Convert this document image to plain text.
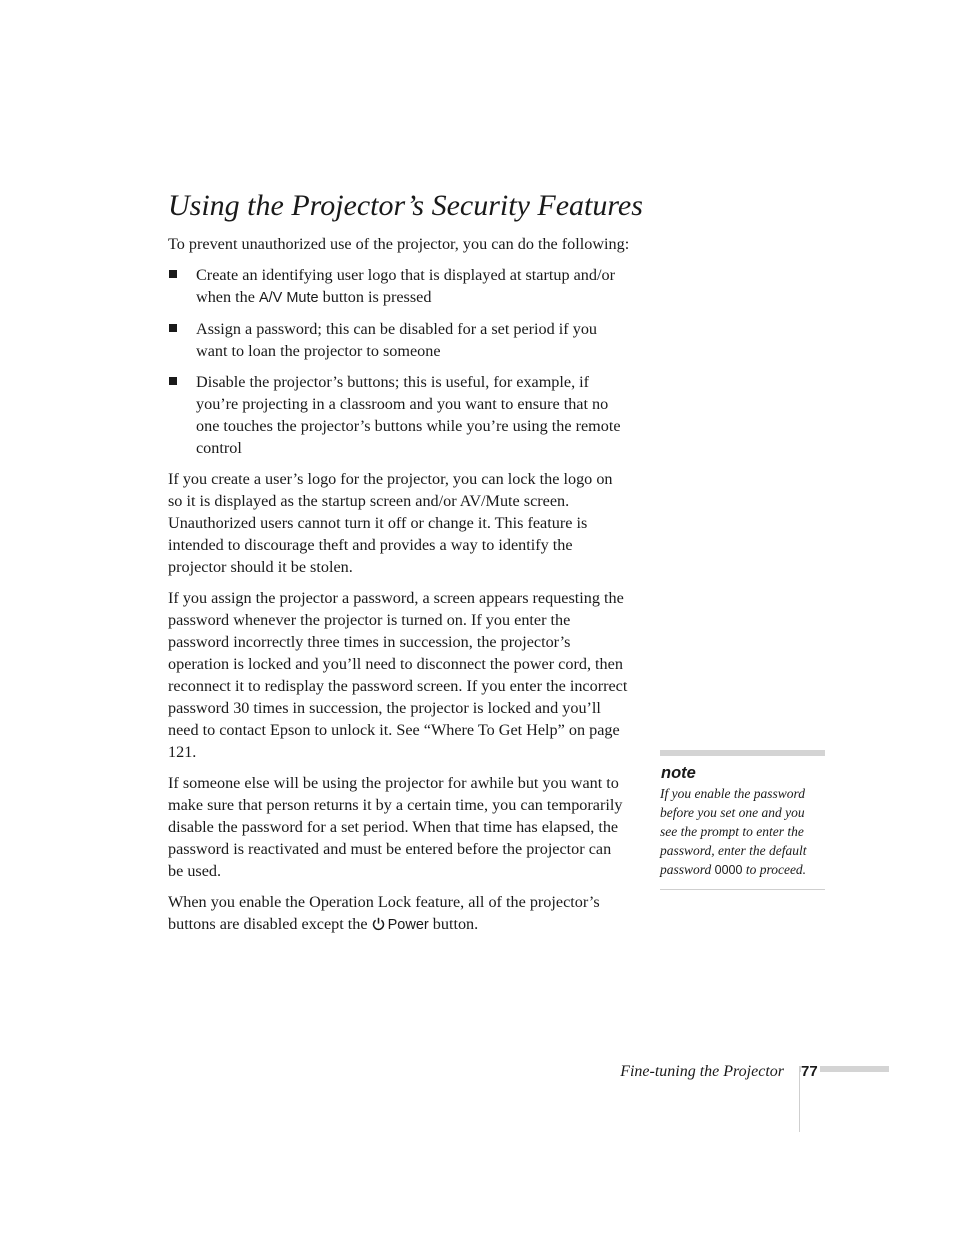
Using the Projector’s Security Features

To prevent unauthorized use of the projector, you can do the following:

Create an identifying user logo that is displayed at startup and/or when the A/V Mute button is pressed
Assign a password; this can be disabled for a set period if you want to loan the projector to someone
Disable the projector’s buttons; this is useful, for example, if you’re projecting in a classroom and you want to ensure that no one touches the projector’s buttons while you’re using the remote control

If you create a user’s logo for the projector, you can lock the logo on so it is displayed as the startup screen and/or AV/Mute screen. Unauthorized users cannot turn it off or change it. This feature is intended to discourage theft and provides a way to identify the projector should it be stolen.

If you assign the projector a password, a screen appears requesting the password whenever the projector is turned on. If you enter the password incorrectly three times in succession, the projector’s operation is locked and you’ll need to disconnect the power cord, then reconnect it to redisplay the password screen. If you enter the incorrect password 30 times in succession, the projector is locked and you’ll need to contact Epson to unlock it. See “Where To Get Help” on page 121.

If someone else will be using the projector for awhile but you want to make sure that person returns it by a certain time, you can temporarily disable the password for a set period. When that time has elapsed, the password is reactivated and must be entered before the projector can be used.

When you enable the Operation Lock feature, all of the projector’s buttons are disabled except the Power button.

note
If you enable the password before you set one and you see the prompt to enter the password, enter the default password 0000 to proceed.
Fine-tuning the Projector 77
